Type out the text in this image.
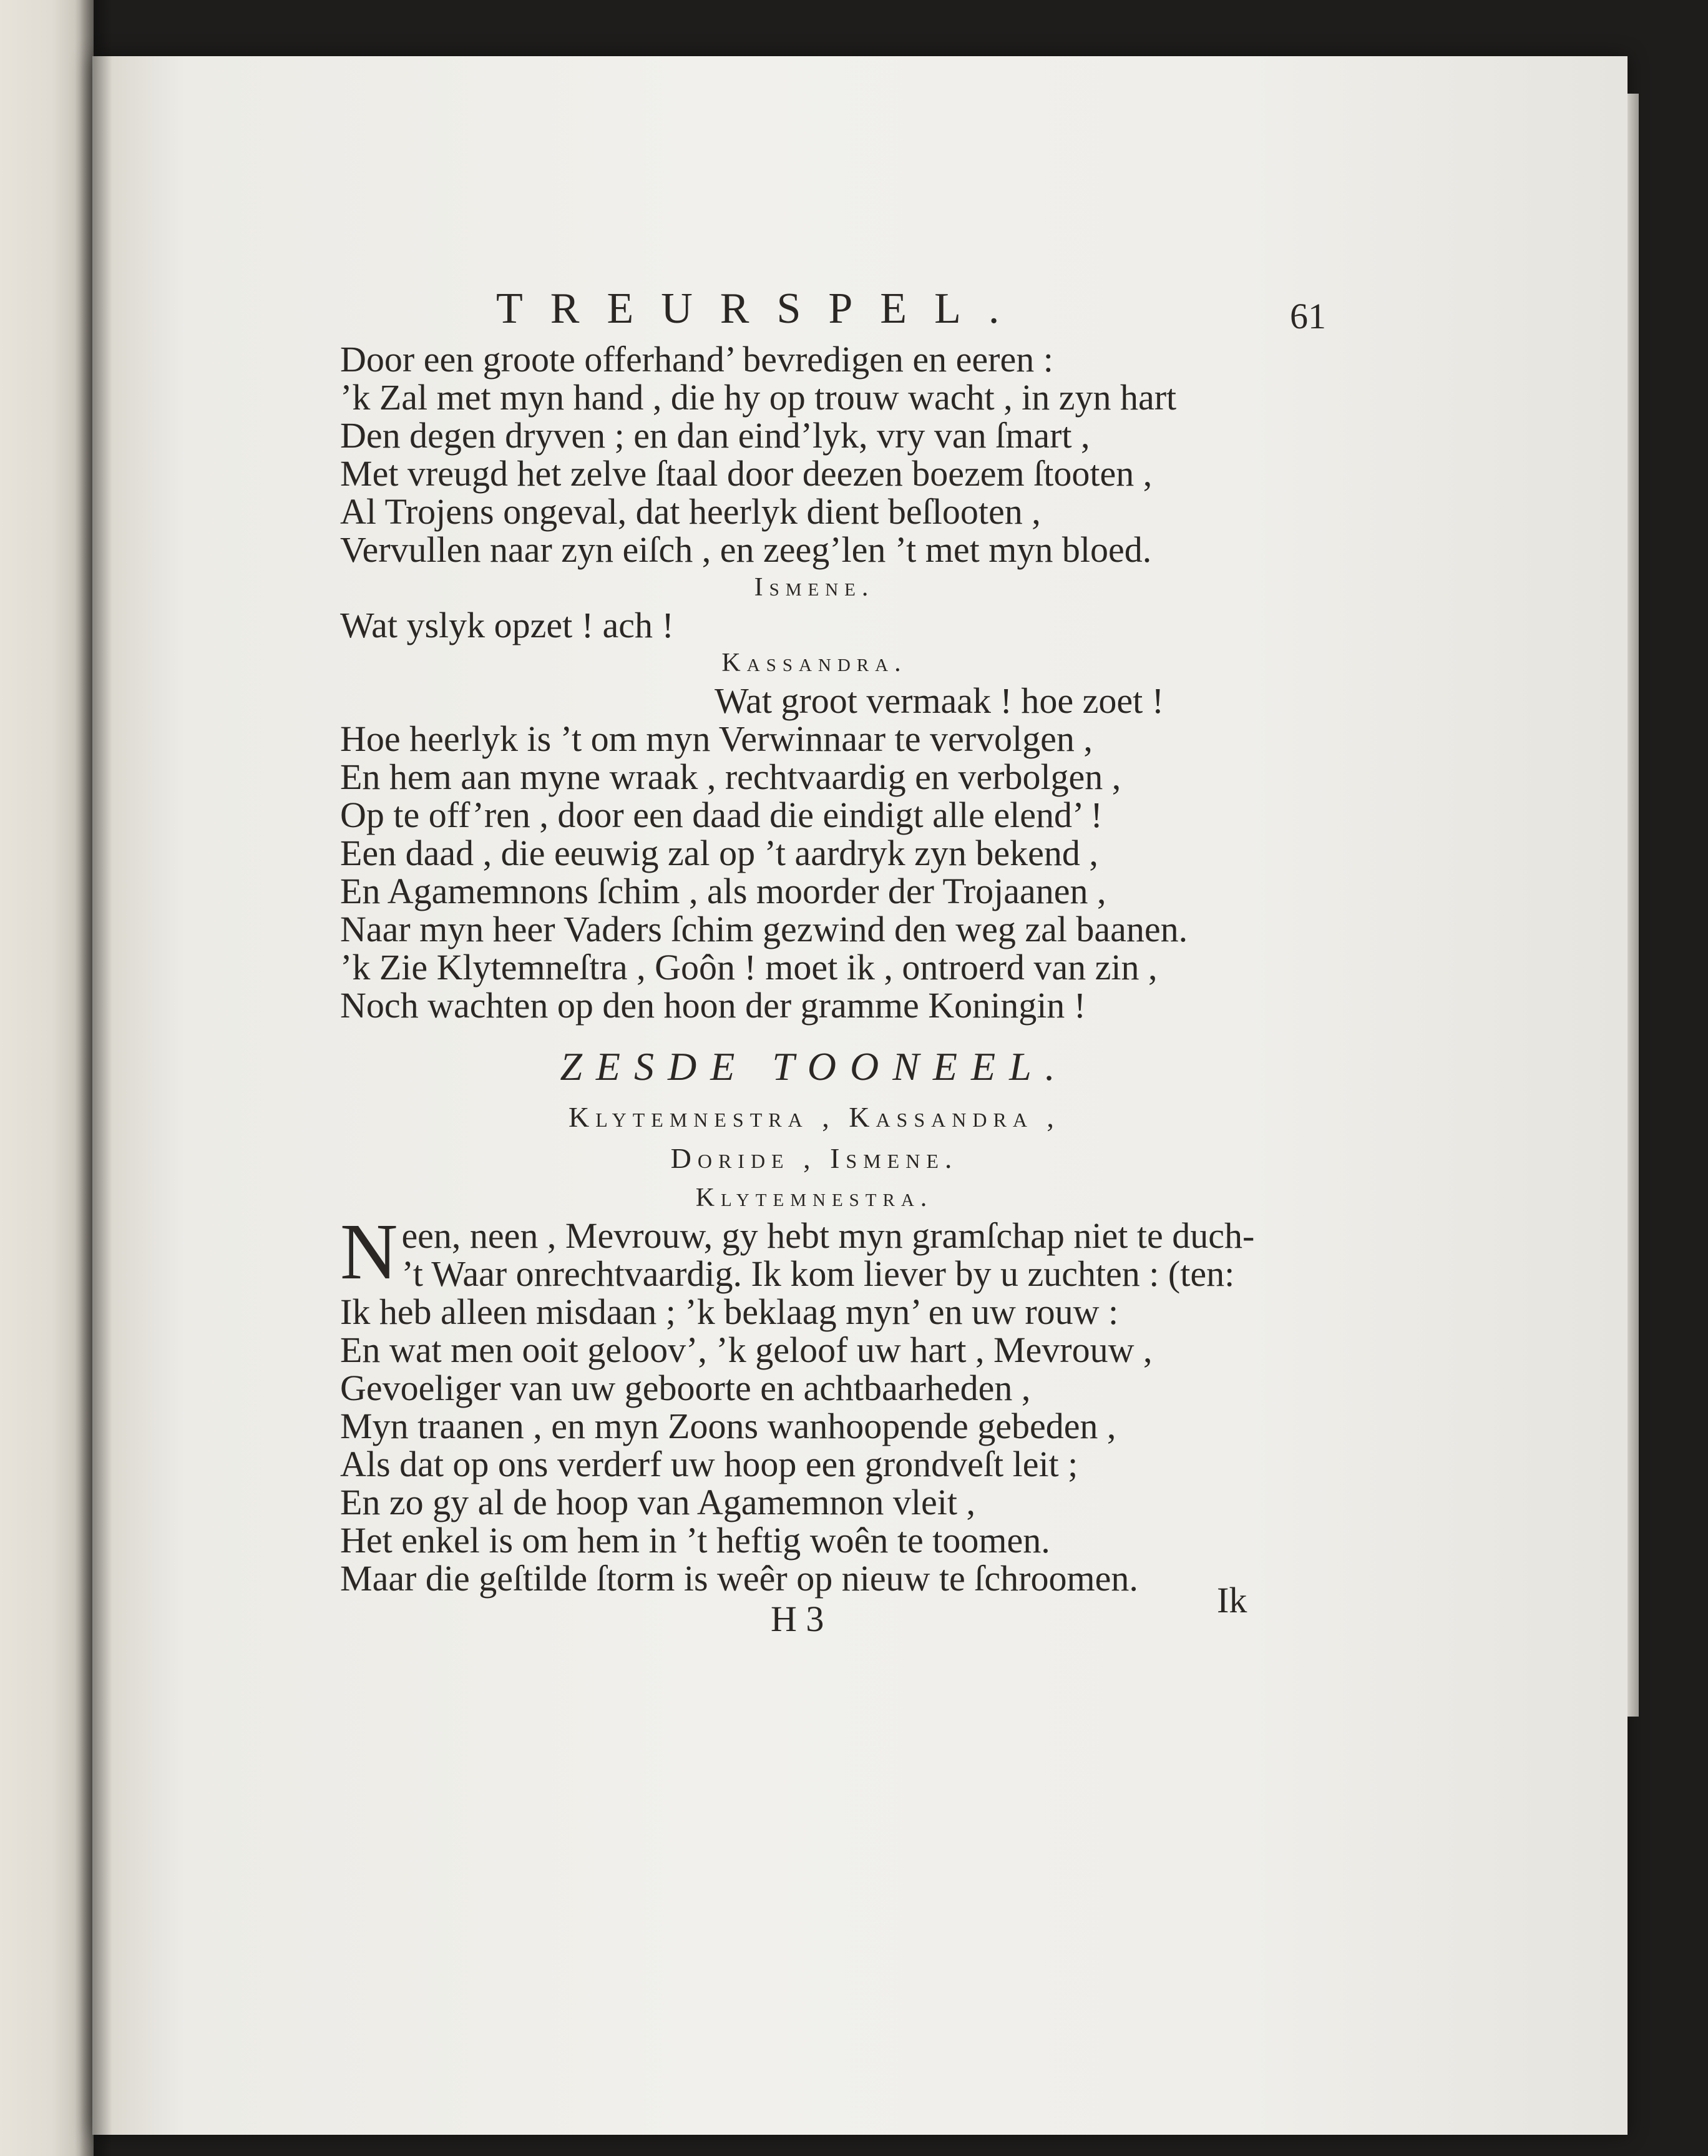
TREURSPEL.	61
Door een groote offerhand’ bevredigen en eeren :
’k Zal met myn hand , die hy op trouw wacht , in zyn hart
Den degen dryven ; en dan eind’lyk, vry van ſmart ,
Met vreugd het zelve ſtaal door deezen boezem ſtooten ,
Al Trojens ongeval, dat heerlyk dient beſlooten ,
Vervullen naar zyn eiſch , en zeeg’len ’t met myn bloed.
Ismene.
Wat yslyk opzet ! ach !
Kassandra.
Wat groot vermaak ! hoe zoet !
Hoe heerlyk is ’t om myn Verwinnaar te vervolgen ,
En hem aan myne wraak , rechtvaardig en verbolgen ,
Op te off’ren , door een daad die eindigt alle elend’ !
Een daad , die eeuwig zal op ’t aardryk zyn bekend ,
En Agamemnons ſchim , als moorder der Trojaanen ,
Naar myn heer Vaders ſchim gezwind den weg zal baanen.
’k Zie Klytemneſtra , Goôn ! moet ik , ontroerd van zin ,
Noch wachten op den hoon der gramme Koningin !
ZESDE TOONEEL.
Klytemnestra , Kassandra ,
Doride , Ismene.
Klytemnestra.
N een, neen , Mevrouw, gy hebt myn gramſchap niet te duch-
’t Waar onrechtvaardig. Ik kom liever by u zuchten : (ten:
Ik heb alleen misdaan ; ’k beklaag myn’ en uw rouw :
En wat men ooit geloov’, ’k geloof uw hart , Mevrouw ,
Gevoeliger van uw geboorte en achtbaarheden ,
Myn traanen , en myn Zoons wanhoopende gebeden ,
Als dat op ons verderf uw hoop een grondveſt leit ;
En zo gy al de hoop van Agamemnon vleit ,
Het enkel is om hem in ’t heftig woên te toomen.
Maar die geſtilde ſtorm is weêr op nieuw te ſchroomen.
H 3	Ik
